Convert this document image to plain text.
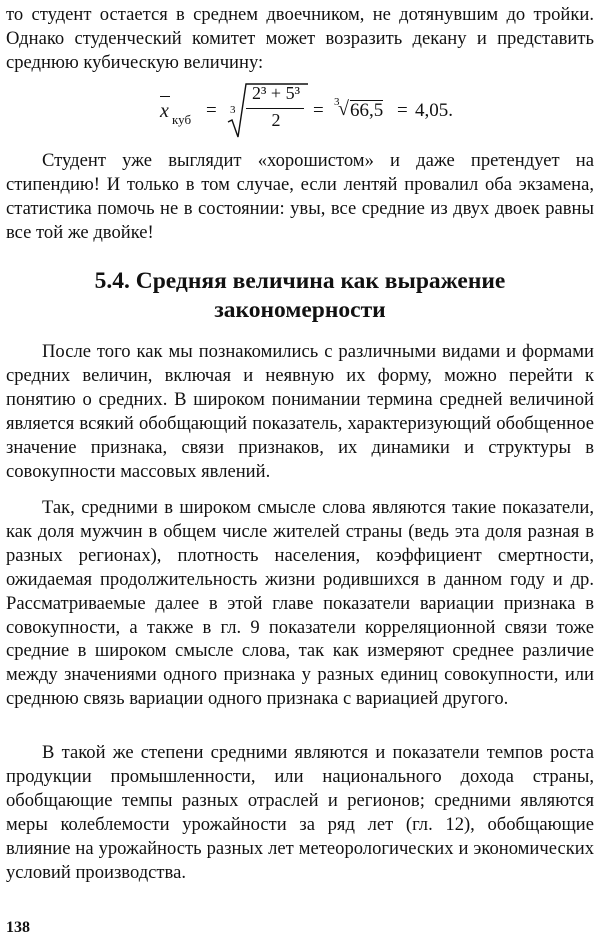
то студент остается в среднем двоечником, не дотянувшим до тройки. Однако студенческий комитет может возразить декану и представить среднюю кубическую величину:

x куб = 3
2³ + 5³
2	= 3
√ 66,5 = 4,05.

Студент уже выглядит «хорошистом» и даже претендует на стипендию! И только в том случае, если лентяй провалил оба экзамена, статистика помочь не в состоянии: увы, все средние из двух двоек равны все той же двойке!

5.4. Средняя величина как выражение
закономерности

После того как мы познакомились с различными видами и формами средних величин, включая и неявную их форму, можно перейти к понятию о средних. В широком понимании термина средней величиной является всякий обобщающий показатель, характеризующий обобщенное значение признака, связи признаков, их динамики и структуры в совокупности массовых явлений.

Так, средними в широком смысле слова являются такие показатели, как доля мужчин в общем числе жителей страны (ведь эта доля разная в разных регионах), плотность населения, коэффициент смертности, ожидаемая продолжительность жизни родившихся в данном году и др. Рассматриваемые далее в этой главе показатели вариации признака в совокупности, а также в гл. 9 показатели корреляционной связи тоже средние в широком смысле слова, так как измеряют среднее различие между значениями одного признака у разных единиц совокупности, или среднюю связь вариации одного признака с вариацией другого.

В такой же степени средними являются и показатели темпов роста продукции промышленности, или национального дохода страны, обобщающие темпы разных отраслей и регионов; средними являются меры колеблемости урожайности за ряд лет (гл. 12), обобщающие влияние на урожайность разных лет метеорологических и экономических условий производства.

138
